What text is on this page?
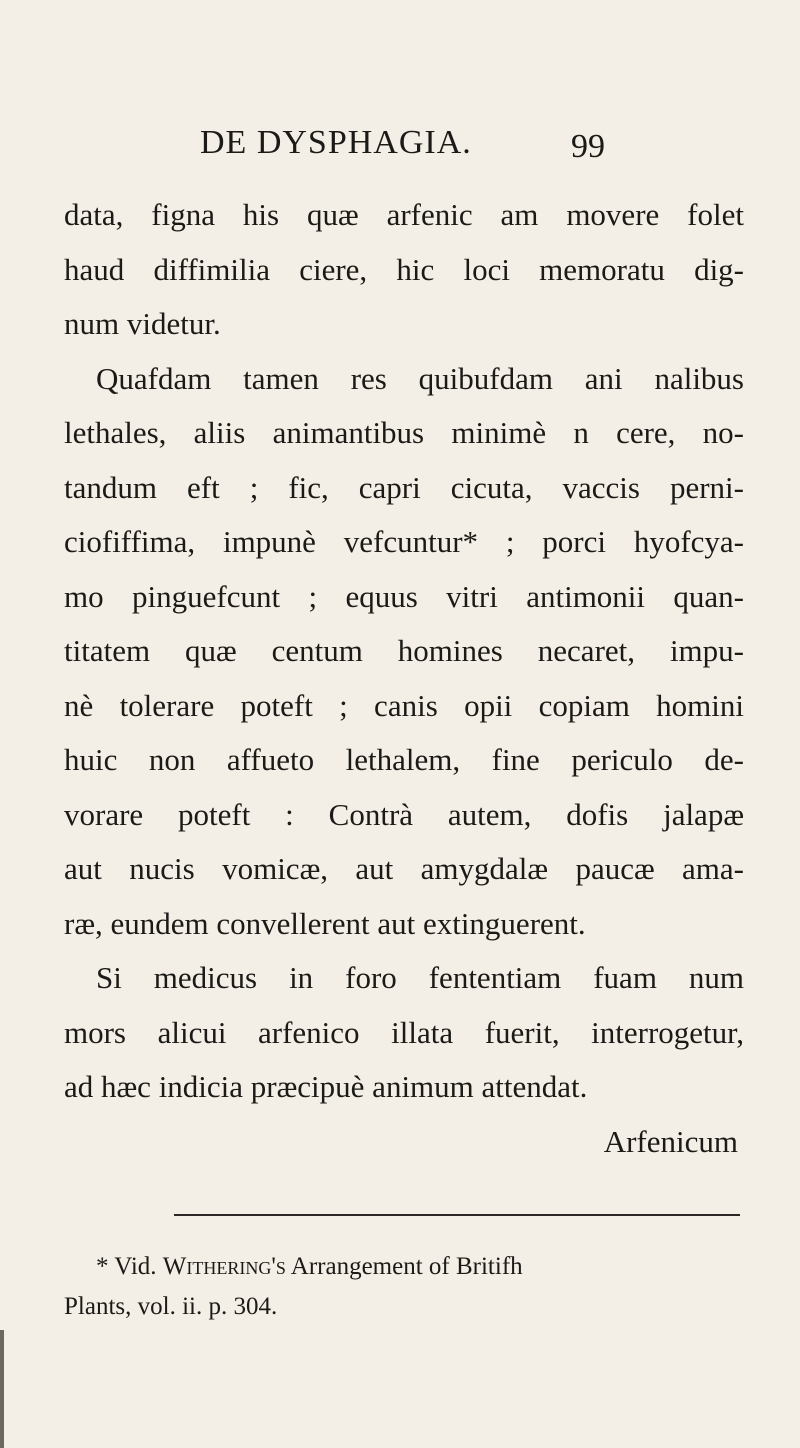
DE DYSPHAGIA.	99
data, figna his quæ arfenic am movere folet
haud diffimilia ciere, hic loci memoratu dig-
num videtur.
Quafdam tamen res quibufdam ani nalibus
lethales, aliis animantibus minimè n cere, no-
tandum eft ; fic, capri cicuta, vaccis perni-
ciofiffima, impunè vefcuntur* ; porci hyofcya-
mo pinguefcunt ; equus vitri antimonii quan-
titatem quæ centum homines necaret, impu-
nè tolerare poteft ; canis opii copiam homini
huic non affueto lethalem, fine periculo de-
vorare poteft : Contrà autem, dofis jalapæ
aut nucis vomicæ, aut amygdalæ paucæ ama-
ræ, eundem convellerent aut extinguerent.
Si medicus in foro fententiam fuam num
mors alicui arfenico illata fuerit, interrogetur,
ad hæc indicia præcipuè animum attendat.
Arfenicum
* Vid. Withering's Arrangement of Britifh
Plants, vol. ii. p. 304.
